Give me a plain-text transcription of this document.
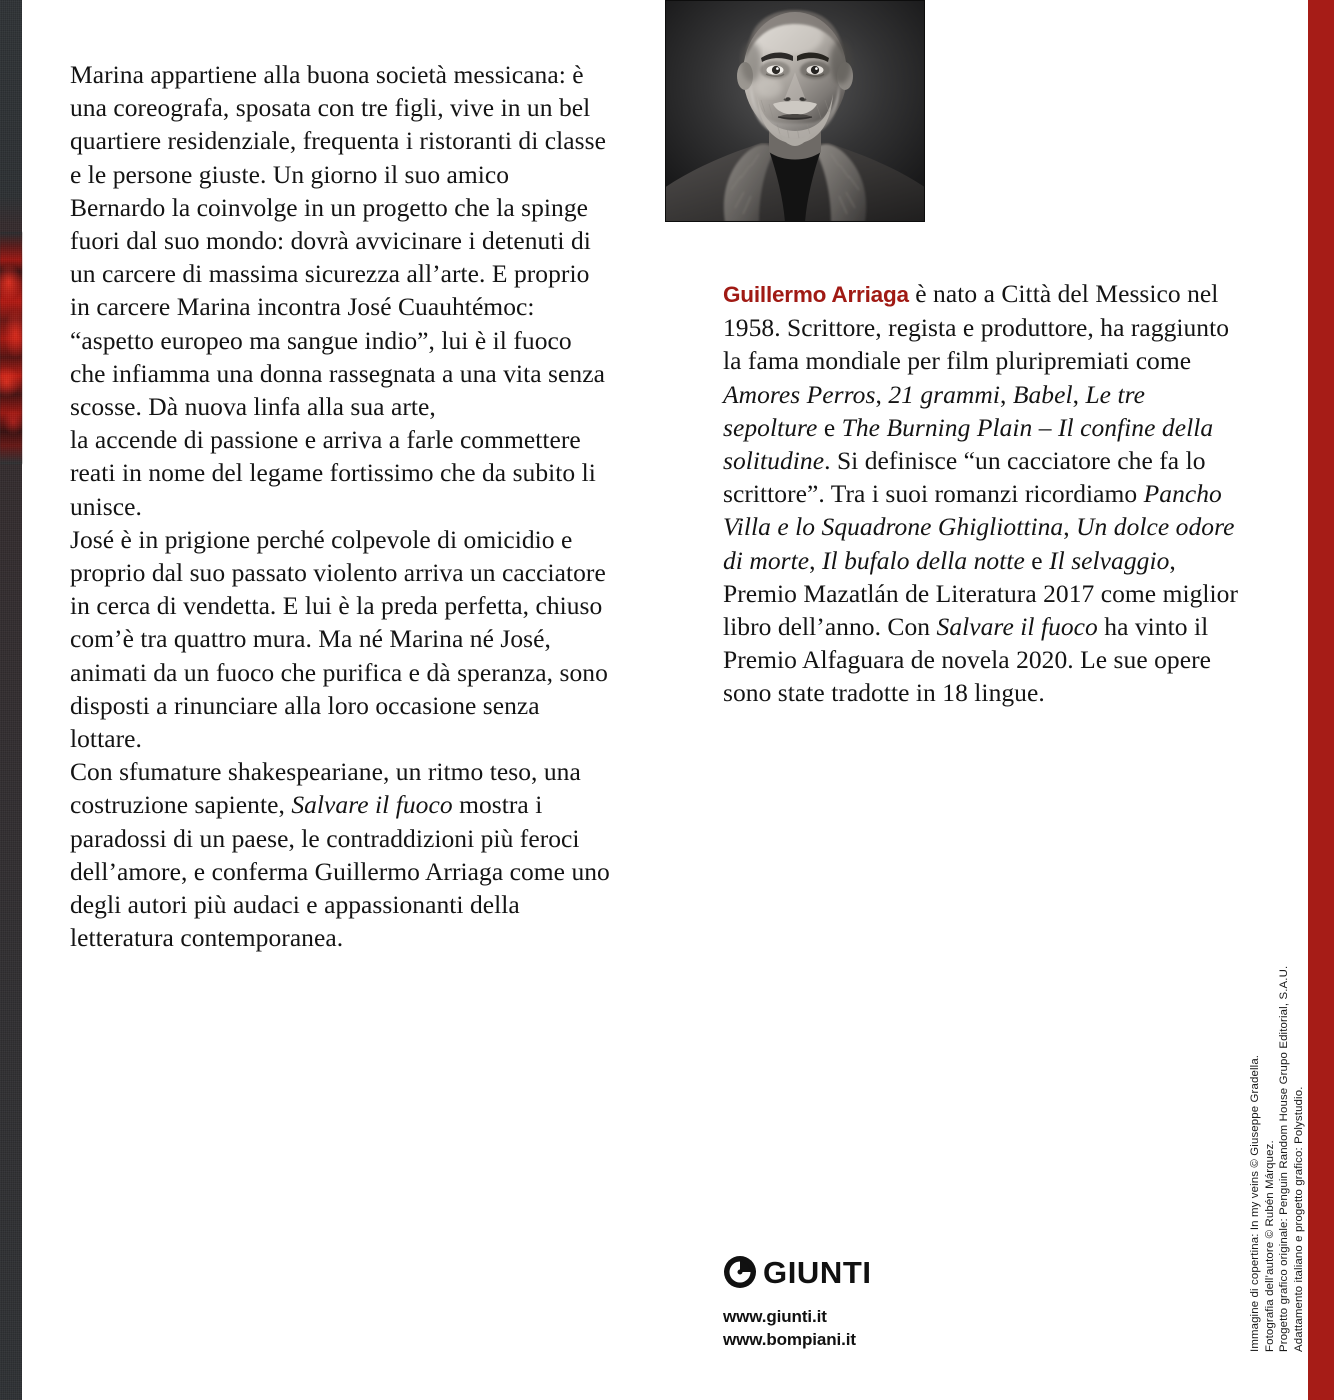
Marina appartiene alla buona società messicana: è una coreografa, sposata con tre figli, vive in un bel quartiere residenziale, frequenta i ristoranti di classe e le persone giuste. Un giorno il suo amico Bernardo la coinvolge in un progetto che la spinge fuori dal suo mondo: dovrà avvicinare i detenuti di un carcere di massima sicurezza all’arte. E proprio in carcere Marina incontra José Cuauhtémoc: “aspetto europeo ma sangue indio”, lui è il fuoco che infiamma una donna rassegnata a una vita senza scosse. Dà nuova linfa alla sua arte,

la accende di passione e arriva a farle commettere reati in nome del legame fortissimo che da subito li unisce.

José è in prigione perché colpevole di omicidio e proprio dal suo passato violento arriva un cacciatore in cerca di vendetta. E lui è la preda perfetta, chiuso com’è tra quattro mura. Ma né Marina né José, animati da un fuoco che purifica e dà speranza, sono disposti a rinunciare alla loro occasione senza lottare.

Con sfumature shakespeariane, un ritmo teso, una costruzione sapiente, Salvare il fuoco mostra i paradossi di un paese, le contraddizioni più feroci dell’amore, e conferma Guillermo Arriaga come uno degli autori più audaci e appassionanti della letteratura contemporanea.

Guillermo Arriaga è nato a Città del Messico nel 1958. Scrittore, regista e produttore, ha raggiunto la fama mondiale per film pluripremiati come Amores Perros, 21 grammi, Babel, Le tre sepolture e The Burning Plain – Il confine della solitudine. Si definisce “un cacciatore che fa lo scrittore”. Tra i suoi romanzi ricordiamo Pancho Villa e lo Squadrone Ghigliottina, Un dolce odore di morte, Il bufalo della notte e Il selvaggio, Premio Mazatlán de Literatura 2017 come miglior libro dell’anno. Con Salvare il fuoco ha vinto il Premio Alfaguara de novela 2020. Le sue opere sono state tradotte in 18 lingue.

GIUNTI
www.giunti.it
www.bompiani.it	Immagine di copertina: In my veins © Giuseppe Gradella. Fotografia dell’autore © Rubén Márquez. Progetto grafico originale: Penguin Random House Grupo Editorial, S.A.U. Adattamento italiano e progetto grafico: Polystudio.
